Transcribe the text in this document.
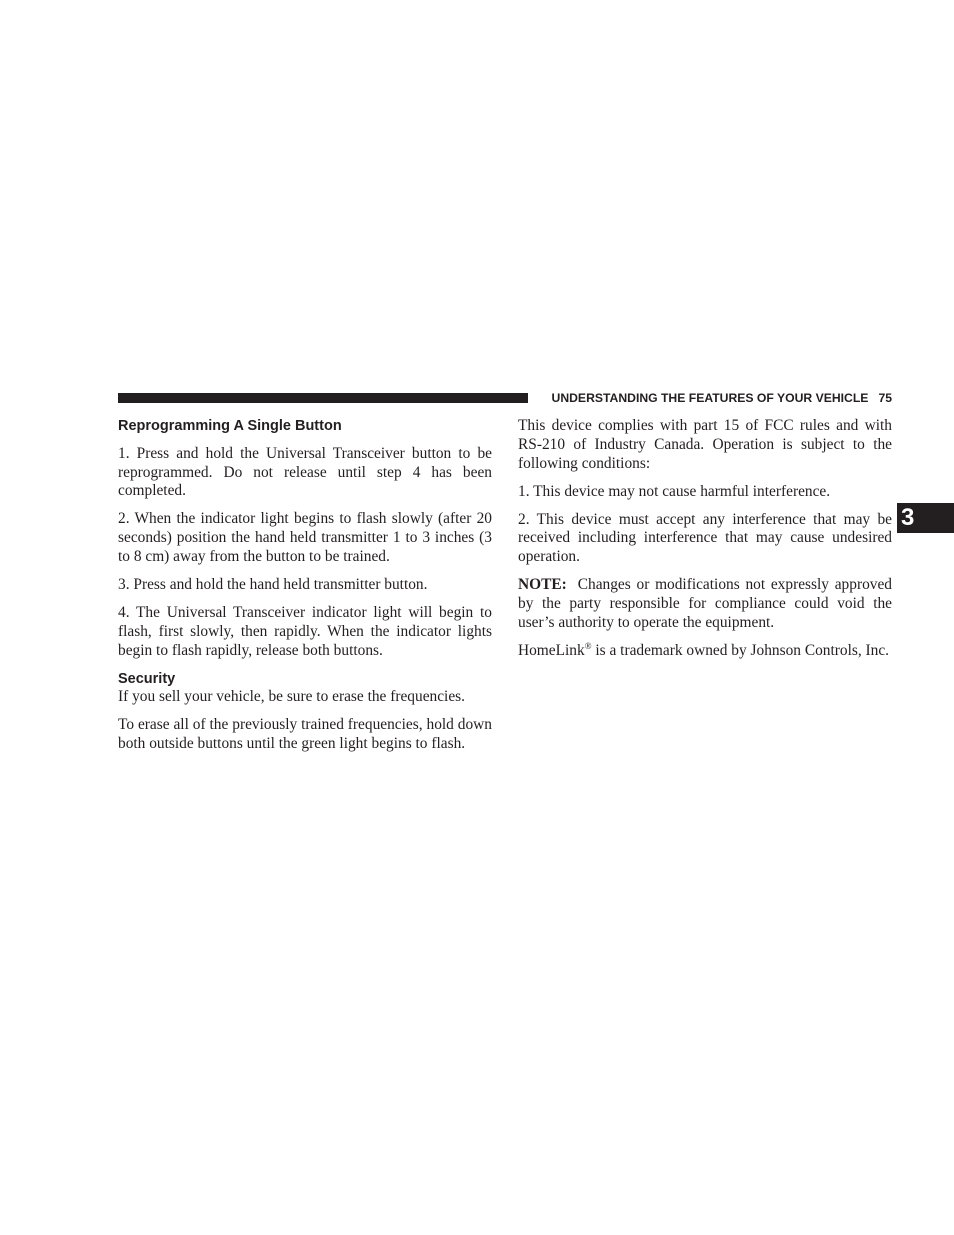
UNDERSTANDING THE FEATURES OF YOUR VEHICLE 75
Reprogramming A Single Button

1. Press and hold the Universal Transceiver button to be reprogrammed. Do not release until step 4 has been completed.

2. When the indicator light begins to flash slowly (after 20 seconds) position the hand held transmitter 1 to 3 inches (3 to 8 cm) away from the button to be trained.

3. Press and hold the hand held transmitter button.

4. The Universal Transceiver indicator light will begin to flash, first slowly, then rapidly. When the indicator lights begin to flash rapidly, release both buttons.

Security

If you sell your vehicle, be sure to erase the frequencies.

To erase all of the previously trained frequencies, hold down both outside buttons until the green light begins to flash.

This device complies with part 15 of FCC rules and with RS-210 of Industry Canada. Operation is subject to the following conditions:

1. This device may not cause harmful interference.

2. This device must accept any interference that may be received including interference that may cause undesired operation.

NOTE: Changes or modifications not expressly approved by the party responsible for compliance could void the user’s authority to operate the equipment.

HomeLink® is a trademark owned by Johnson Controls, Inc.

3
